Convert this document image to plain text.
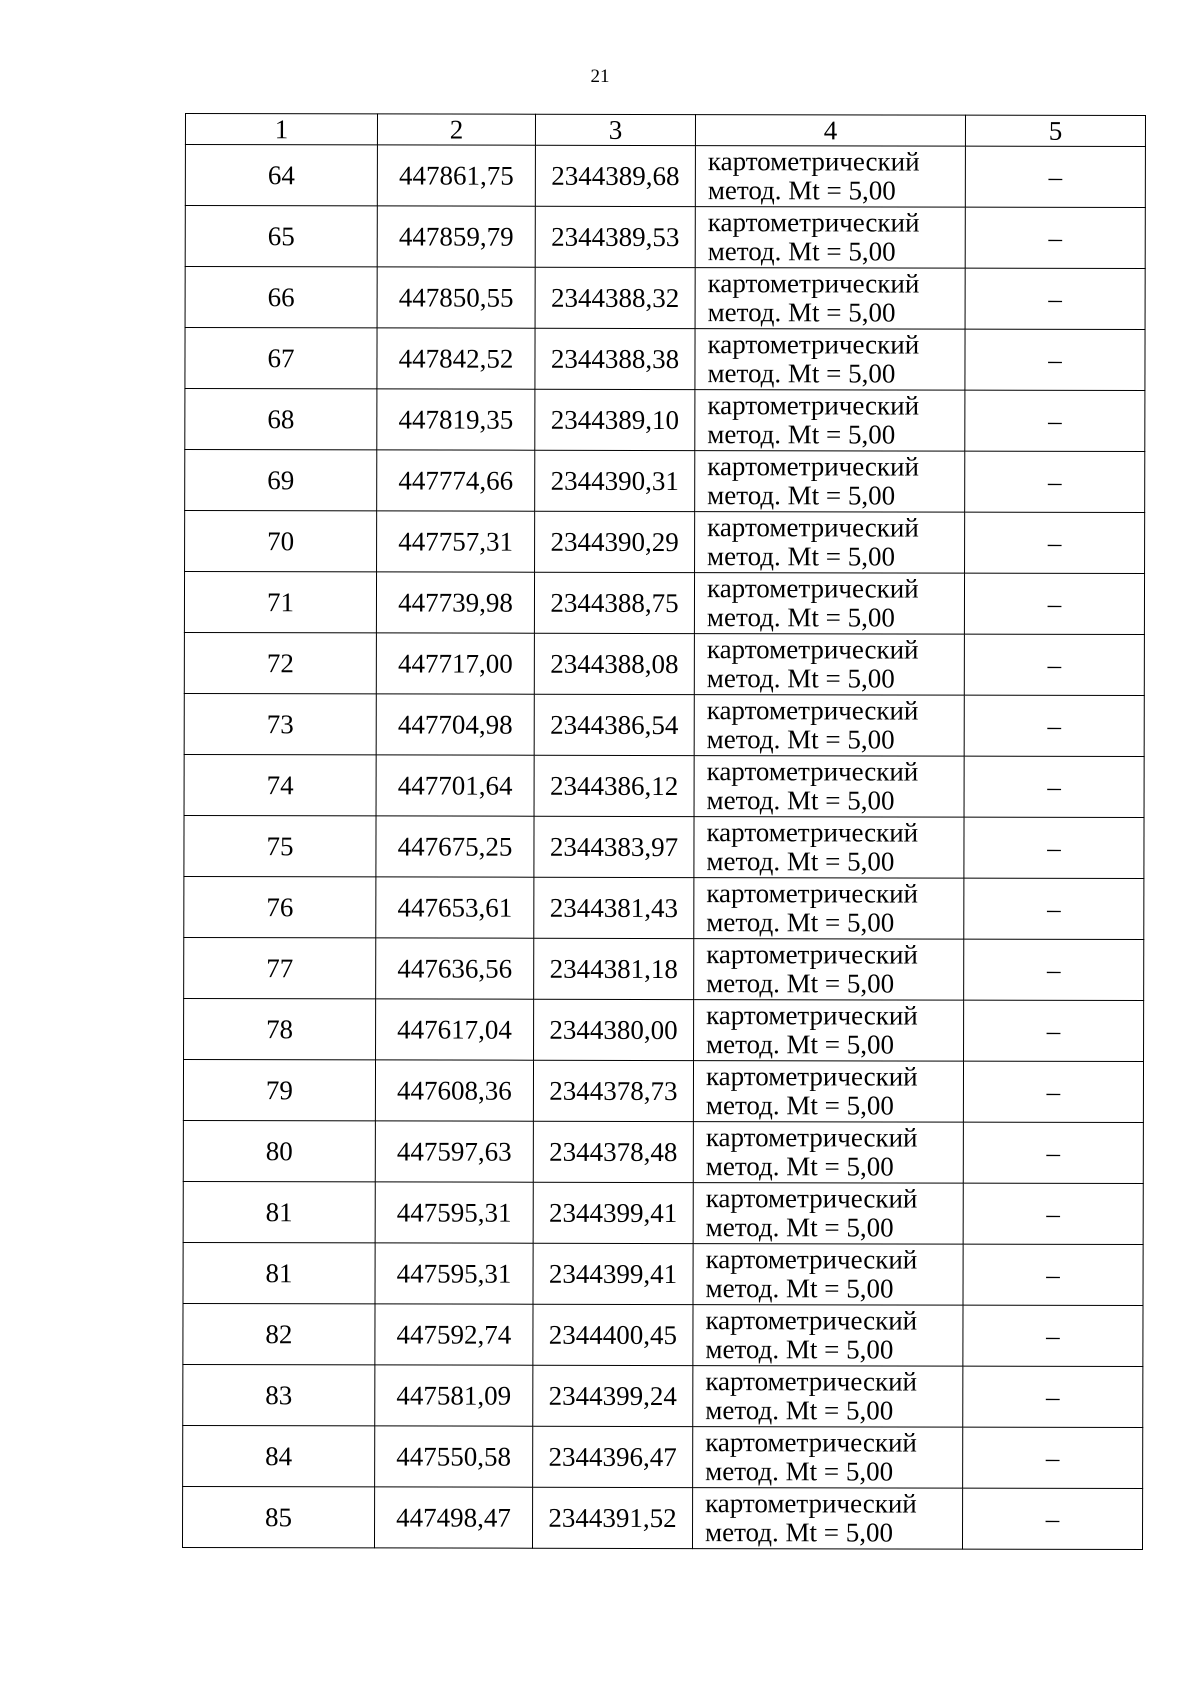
21
1	2	3	4	5
64	447861,75	2344389,68	картометрический
метод. Mt = 5,00	–
65	447859,79	2344389,53	картометрический
метод. Mt = 5,00	–
66	447850,55	2344388,32	картометрический
метод. Mt = 5,00	–
67	447842,52	2344388,38	картометрический
метод. Mt = 5,00	–
68	447819,35	2344389,10	картометрический
метод. Mt = 5,00	–
69	447774,66	2344390,31	картометрический
метод. Mt = 5,00	–
70	447757,31	2344390,29	картометрический
метод. Mt = 5,00	–
71	447739,98	2344388,75	картометрический
метод. Mt = 5,00	–
72	447717,00	2344388,08	картометрический
метод. Mt = 5,00	–
73	447704,98	2344386,54	картометрический
метод. Mt = 5,00	–
74	447701,64	2344386,12	картометрический
метод. Mt = 5,00	–
75	447675,25	2344383,97	картометрический
метод. Mt = 5,00	–
76	447653,61	2344381,43	картометрический
метод. Mt = 5,00	–
77	447636,56	2344381,18	картометрический
метод. Mt = 5,00	–
78	447617,04	2344380,00	картометрический
метод. Mt = 5,00	–
79	447608,36	2344378,73	картометрический
метод. Mt = 5,00	–
80	447597,63	2344378,48	картометрический
метод. Mt = 5,00	–
81	447595,31	2344399,41	картометрический
метод. Mt = 5,00	–
81	447595,31	2344399,41	картометрический
метод. Mt = 5,00	–
82	447592,74	2344400,45	картометрический
метод. Mt = 5,00	–
83	447581,09	2344399,24	картометрический
метод. Mt = 5,00	–
84	447550,58	2344396,47	картометрический
метод. Mt = 5,00	–
85	447498,47	2344391,52	картометрический
метод. Mt = 5,00	–
